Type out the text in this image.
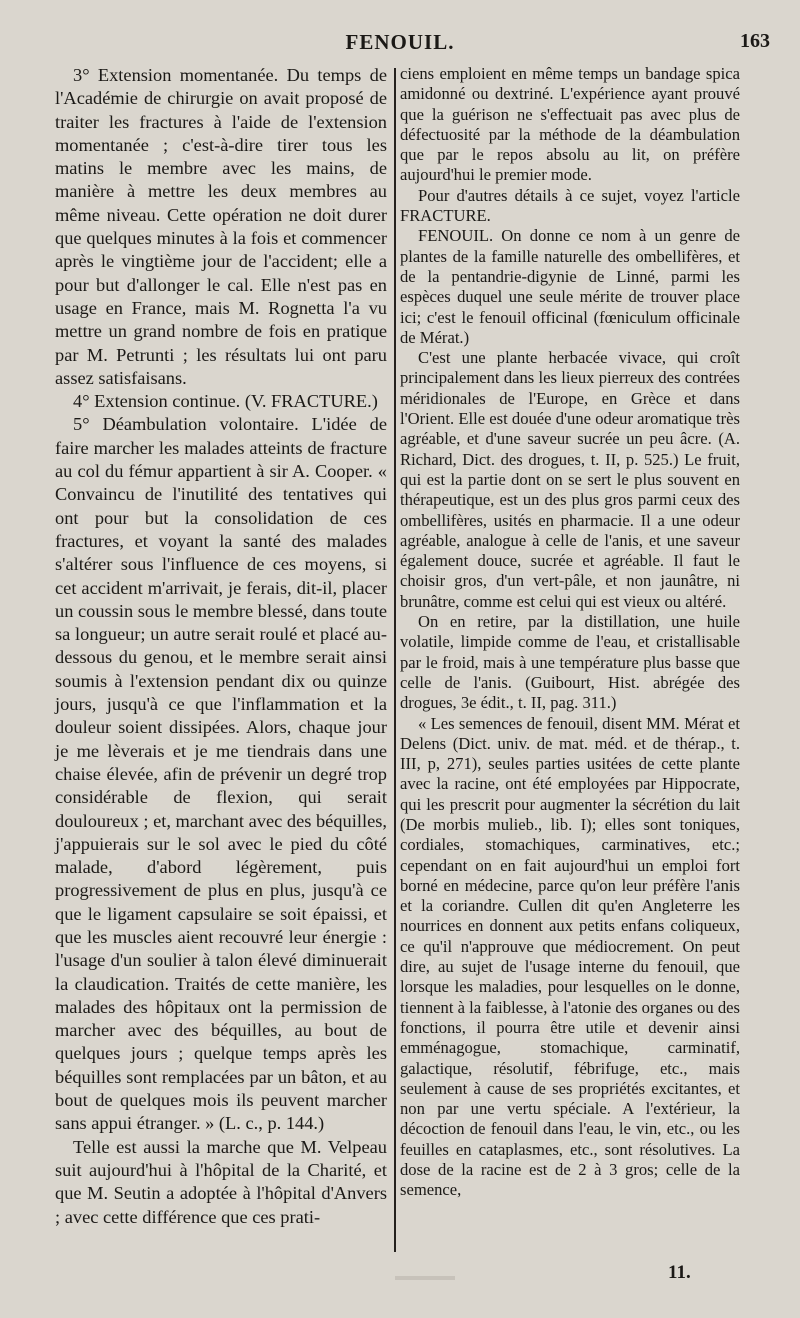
FENOUIL.	163

3° Extension momentanée. Du temps de l'Académie de chirurgie on avait proposé de traiter les fractures à l'aide de l'extension momentanée ; c'est-à-dire tirer tous les matins le membre avec les mains, de manière à mettre les deux membres au même niveau. Cette opération ne doit durer que quelques minutes à la fois et commencer après le vingtième jour de l'accident; elle a pour but d'allonger le cal. Elle n'est pas en usage en France, mais M. Rognetta l'a vu mettre un grand nombre de fois en pratique par M. Petrunti ; les résultats lui ont paru assez satisfaisans.

4° Extension continue. (V. FRACTURE.)

5° Déambulation volontaire. L'idée de faire marcher les malades atteints de fracture au col du fémur appartient à sir A. Cooper. « Convaincu de l'inutilité des tentatives qui ont pour but la consolidation de ces fractures, et voyant la santé des malades s'altérer sous l'influence de ces moyens, si cet accident m'arrivait, je ferais, dit-il, placer un coussin sous le membre blessé, dans toute sa longueur; un autre serait roulé et placé au-dessous du genou, et le membre serait ainsi soumis à l'extension pendant dix ou quinze jours, jusqu'à ce que l'inflammation et la douleur soient dissipées. Alors, chaque jour je me lèverais et je me tiendrais dans une chaise élevée, afin de prévenir un degré trop considérable de flexion, qui serait douloureux ; et, marchant avec des béquilles, j'appuierais sur le sol avec le pied du côté malade, d'abord légèrement, puis progressivement de plus en plus, jusqu'à ce que le ligament capsulaire se soit épaissi, et que les muscles aient recouvré leur énergie : l'usage d'un soulier à talon élevé diminuerait la claudication. Traités de cette manière, les malades des hôpitaux ont la permission de marcher avec des béquilles, au bout de quelques jours ; quelque temps après les béquilles sont remplacées par un bâton, et au bout de quelques mois ils peuvent marcher sans appui étranger. » (L. c., p. 144.)

Telle est aussi la marche que M. Velpeau suit aujourd'hui à l'hôpital de la Charité, et que M. Seutin a adoptée à l'hôpital d'Anvers ; avec cette différence que ces prati-

ciens emploient en même temps un bandage spica amidonné ou dextriné. L'expérience ayant prouvé que la guérison ne s'effectuait pas avec plus de défectuosité par la méthode de la déambulation que par le repos absolu au lit, on préfère aujourd'hui le premier mode.

Pour d'autres détails à ce sujet, voyez l'article FRACTURE.

FENOUIL. On donne ce nom à un genre de plantes de la famille naturelle des ombellifères, et de la pentandrie-digynie de Linné, parmi les espèces duquel une seule mérite de trouver place ici; c'est le fenouil officinal (fœniculum officinale de Mérat.)

C'est une plante herbacée vivace, qui croît principalement dans les lieux pierreux des contrées méridionales de l'Europe, en Grèce et dans l'Orient. Elle est douée d'une odeur aromatique très agréable, et d'une saveur sucrée un peu âcre. (A. Richard, Dict. des drogues, t. II, p. 525.) Le fruit, qui est la partie dont on se sert le plus souvent en thérapeutique, est un des plus gros parmi ceux des ombellifères, usités en pharmacie. Il a une odeur agréable, analogue à celle de l'anis, et une saveur également douce, sucrée et agréable. Il faut le choisir gros, d'un vert-pâle, et non jaunâtre, ni brunâtre, comme est celui qui est vieux ou altéré.

On en retire, par la distillation, une huile volatile, limpide comme de l'eau, et cristallisable par le froid, mais à une température plus basse que celle de l'anis. (Guibourt, Hist. abrégée des drogues, 3e édit., t. II, pag. 311.)

« Les semences de fenouil, disent MM. Mérat et Delens (Dict. univ. de mat. méd. et de thérap., t. III, p, 271), seules parties usitées de cette plante avec la racine, ont été employées par Hippocrate, qui les prescrit pour augmenter la sécrétion du lait (De morbis mulieb., lib. I); elles sont toniques, cordiales, stomachiques, carminatives, etc.; cependant on en fait aujourd'hui un emploi fort borné en médecine, parce qu'on leur préfère l'anis et la coriandre. Cullen dit qu'en Angleterre les nourrices en donnent aux petits enfans coliqueux, ce qu'il n'approuve que médiocrement. On peut dire, au sujet de l'usage interne du fenouil, que lorsque les maladies, pour lesquelles on le donne, tiennent à la faiblesse, à l'atonie des organes ou des fonctions, il pourra être utile et devenir ainsi emménagogue, stomachique, carminatif, galactique, résolutif, fébrifuge, etc., mais seulement à cause de ses propriétés excitantes, et non par une vertu spéciale. A l'extérieur, la décoction de fenouil dans l'eau, le vin, etc., ou les feuilles en cataplasmes, etc., sont résolutives. La dose de la racine est de 2 à 3 gros; celle de la semence,

11.
